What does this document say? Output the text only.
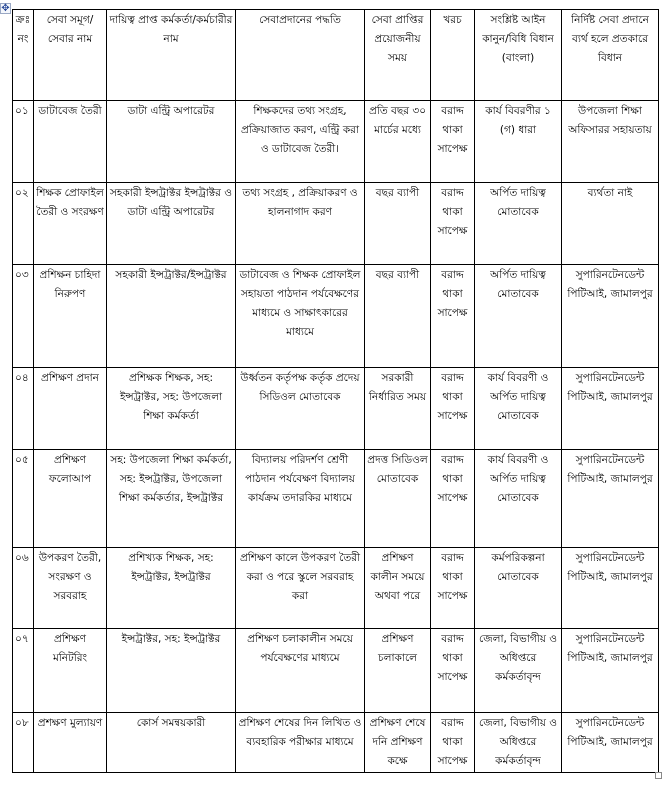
✥
ক্রঃ নং	সেবা সমূগ/সেবার নাম	দায়িত্ব প্রাপ্ত কর্মকর্তা/কর্মচারীর নাম	সেবাপ্রদানের পদ্ধতি	সেবা প্রাপ্তির প্রয়োজনীয় সময়	খরচ	সংশ্লিষ্ট আইন কানুন/বিধি বিধান (বাংলা)	নির্দিষ্ট সেবা প্রদানে ব্যর্থ হলে প্রতকারে বিধান
০১	ডাটাবেজ তৈরী	ডাটা এন্ট্রি অপারেটর	শিক্ষকদের তথ্য সংগ্রহ, প্রক্রিয়াজাত করণ, এন্ট্রি করা ও ডাটাবেজ তৈরী।	প্রতি বছর ৩০ মার্চের মধ্যে	বরাদ্দ থাকা সাপেক্ষ	কার্য বিবরণীর ১ (গ) ধারা	উপজেলা শিক্ষা অফিসারর সহায়তায়
০২	শিক্ষক প্রোফাইল তৈরী ও সংরক্ষণ	সহকারী ইন্সট্রাক্টর ইন্সট্রাক্টর ও ডাটা এন্ট্রি অপারেটর	তথ্য সংগ্রহ , প্রক্রিয়াকরণ ও হালনাগাদ করণ	বছর ব্যাপী	বরাদ্দ থাকা সাপেক্ষ	অর্পিত দায়িত্ব মোতাবেক	ব্যর্থতা নাই
০৩	প্রশিক্ষন চাহিদা নিরুপণ	সহকারী ইন্সট্রাক্টর/ইন্সট্রাক্টর	ডাটাবেজ ও শিক্ষক প্রোফাইল সহায়তা পাঠদান পর্যবেক্ষণের মাধ্যমে ও সাক্ষাৎকারের মাধ্যমে	বছর ব্যাপী	বরাদ্দ থাকা সাপেক্ষ	অর্পিত দায়িত্ব মোতাবেক	সুপারিনটেনডেন্ট পিটিআই, জামালপুর
০৪	প্রশিক্ষণ প্রদান	প্রশিক্ষক শিক্ষক, সহ: ইন্সট্রাক্টর, সহ: উপজেলা শিক্ষা কর্মকর্তা	উর্ধ্বতন কর্তৃপক্ষ কর্তৃক প্রদেয় সিডিওল মোতাবেক	সরকারী নির্ধারিত সময়	বরাদ্দ থাকা সাপেক্ষ	কার্য বিবরণী ও অর্পিত দায়িত্ব মোতাবেক	সুপারিনটেনডেন্ট পিটিআই, জামালপুর
০৫	প্রশিক্ষণ ফলোআপ	সহ: উপজেলা শিক্ষা কর্মকর্তা, সহ: ইন্সট্রাক্টর, উপজেলা শিক্ষা কর্মকর্তার, ইন্সট্রাক্টর	বিদ্যালয় পরিদর্শণ শ্রেণী পাঠদান পর্যবেক্ষণ বিদ্যালয় কার্যক্রম তদারকির মাধ্যমে	প্রদত্ত সিডিওল মোতাবেক	বরাদ্দ থাকা সাপেক্ষ	কার্য বিবরণী ও অর্পিত দায়িত্ব মোতাবেক	সুপারিনটেনডেন্ট পিটিআই, জামালপুর
০৬	উপকরণ তৈরী, সংরক্ষণ ও সরবরাহ	প্রশিখ্যক শিক্ষক, সহ: ইন্সট্রাক্টর, ইন্সট্রাক্টর	প্রশিক্ষণ কালে উপকরণ তৈরী করা ও পরে স্কুলে সরবরাহ করা	প্রশিক্ষণ কালীন সময়ে অথবা পরে	বরাদ্দ থাকা সাপেক্ষ	কর্মপরিকল্পনা মোতাবেক	সুপারিনটেনডেন্ট পিটিআই, জামালপুর
০৭	প্রশিক্ষণ মনিটরিং	ইন্সট্রাক্টর, সহ: ইন্সট্রাক্টর	প্রশিক্ষণ চলাকালীন সময়ে পর্যবেক্ষণের মাধ্যমে	প্রশিক্ষণ চলাকালে	বরাদ্দ থাকা সাপেক্ষ	জেলা, বিভাগীয় ও অধিপ্তরে কর্মকর্তাবৃন্দ	সুপারিনটেনডেন্ট পিটিআই, জামালপুর
০৮	প্রশক্ষণ মুল্যায়ণ	কোর্স সমন্বয়কারী	প্রশিক্ষণ শেষের দিন লিখিত ও ব্যবহারিক পরীক্ষার মাধ্যমে	প্রশিক্ষণ শেষে দনি প্রশিক্ষণ কক্ষে	বরাদ্দ থাকা সাপেক্ষ	জেলা, বিভাগীয় ও অধিপ্তরে কর্মকর্তাবৃন্দ	সুপারিনটেনডেন্ট পিটিআই, জামালপুর
